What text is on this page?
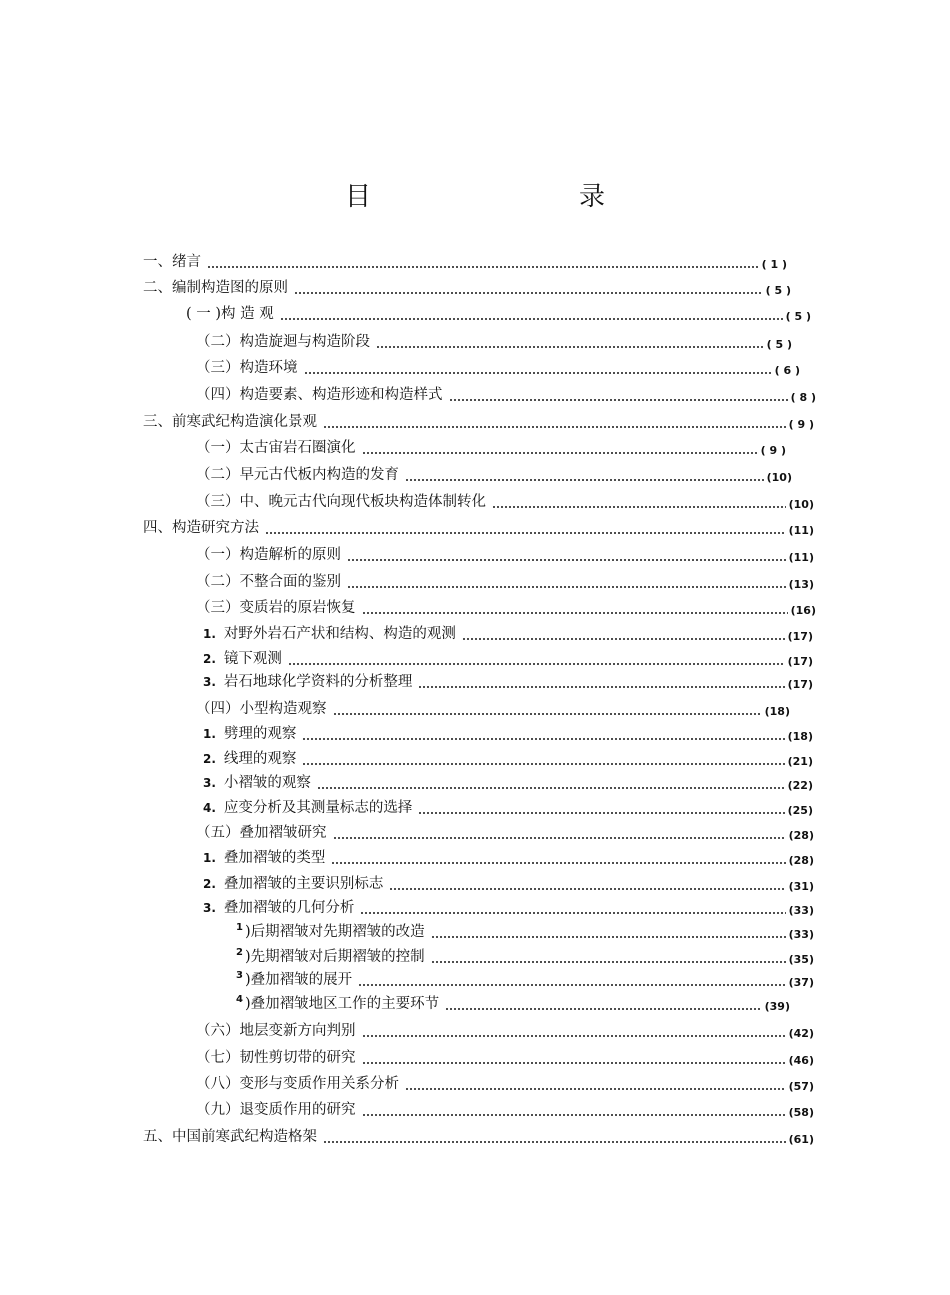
目　　录
一、绪言	( 1 )
二、编制构造图的原则	( 5 )
( 一 )构 造 观	( 5 )
（二）构造旋迴与构造阶段	( 5 )
（三）构造环境	( 6 )
（四）构造要素、构造形迹和构造样式	( 8 )
三、前寒武纪构造演化景观	( 9 )
（一）太古宙岩石圈演化	( 9 )
（二）早元古代板内构造的发育	(10)
（三）中、晚元古代向现代板块构造体制转化	(10)
四、构造研究方法	(11)
（一）构造解析的原则	(11)
（二）不整合面的鉴别	(13)
（三）变质岩的原岩恢复	(16)
1. 对野外岩石产状和结构、构造的观测	(17)
2. 镜下观测	(17)
3. 岩石地球化学资料的分析整理	(17)
（四）小型构造观察	(18)
1. 劈理的观察	(18)
2. 线理的观察	(21)
3. 小褶皱的观察	(22)
4. 应变分析及其测量标志的选择	(25)
（五）叠加褶皱研究	(28)
1. 叠加褶皱的类型	(28)
2. 叠加褶皱的主要识别标志	(31)
3. 叠加褶皱的几何分析	(33)
1 )后期褶皱对先期褶皱的改造	(33)
2 )先期褶皱对后期褶皱的控制	(35)
3 )叠加褶皱的展开	(37)
4 )叠加褶皱地区工作的主要环节	(39)
（六）地层变新方向判别	(42)
（七）韧性剪切带的研究	(46)
（八）变形与变质作用关系分析	(57)
（九）退变质作用的研究	(58)
五、中国前寒武纪构造格架	(61)
